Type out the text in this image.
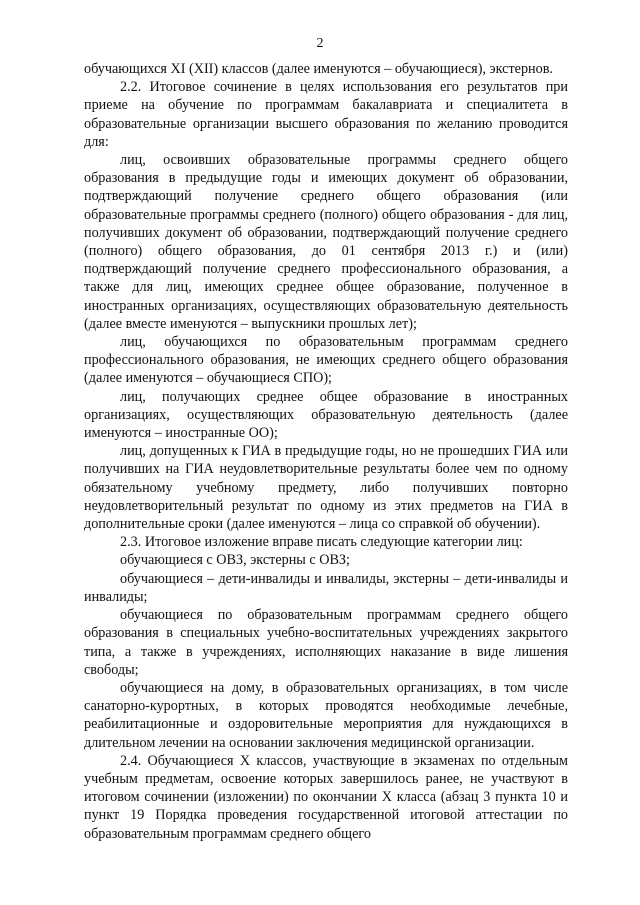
2

обучающихся XI (XII) классов (далее именуются – обучающиеся), экстернов.

2.2. Итоговое сочинение в целях использования его результатов при приеме на обучение по программам бакалавриата и специалитета в образовательные организации высшего образования по желанию проводится для:

лиц, освоивших образовательные программы среднего общего образования в предыдущие годы и имеющих документ об образовании, подтверждающий получение среднего общего образования (или образовательные программы среднего (полного) общего образования - для лиц, получивших документ об образовании, подтверждающий получение среднего (полного) общего образования, до 01 сентября 2013 г.) и (или) подтверждающий получение среднего профессионального образования, а также для лиц, имеющих среднее общее образование, полученное в иностранных организациях, осуществляющих образовательную деятельность (далее вместе именуются – выпускники прошлых лет);

лиц, обучающихся по образовательным программам среднего профессионального образования, не имеющих среднего общего образования (далее именуются – обучающиеся СПО);

лиц, получающих среднее общее образование в иностранных организациях, осуществляющих образовательную деятельность (далее именуются – иностранные ОО);

лиц, допущенных к ГИА в предыдущие годы, но не прошедших ГИА или получивших на ГИА неудовлетворительные результаты более чем по одному обязательному учебному предмету, либо получивших повторно неудовлетворительный результат по одному из этих предметов на ГИА в дополнительные сроки (далее именуются – лица со справкой об обучении).

2.3. Итоговое изложение вправе писать следующие категории лиц:

обучающиеся с ОВЗ, экстерны с ОВЗ;

обучающиеся – дети-инвалиды и инвалиды, экстерны – дети-инвалиды и инвалиды;

обучающиеся по образовательным программам среднего общего образования в специальных учебно-воспитательных учреждениях закрытого типа, а также в учреждениях, исполняющих наказание в виде лишения свободы;

обучающиеся на дому, в образовательных организациях, в том числе санаторно-курортных, в которых проводятся необходимые лечебные, реабилитационные и оздоровительные мероприятия для нуждающихся в длительном лечении на основании заключения медицинской организации.

2.4. Обучающиеся X классов, участвующие в экзаменах по отдельным учебным предметам, освоение которых завершилось ранее, не участвуют в итоговом сочинении (изложении) по окончании X класса (абзац 3 пункта 10 и пункт 19 Порядка проведения государственной итоговой аттестации по образовательным программам среднего общего
